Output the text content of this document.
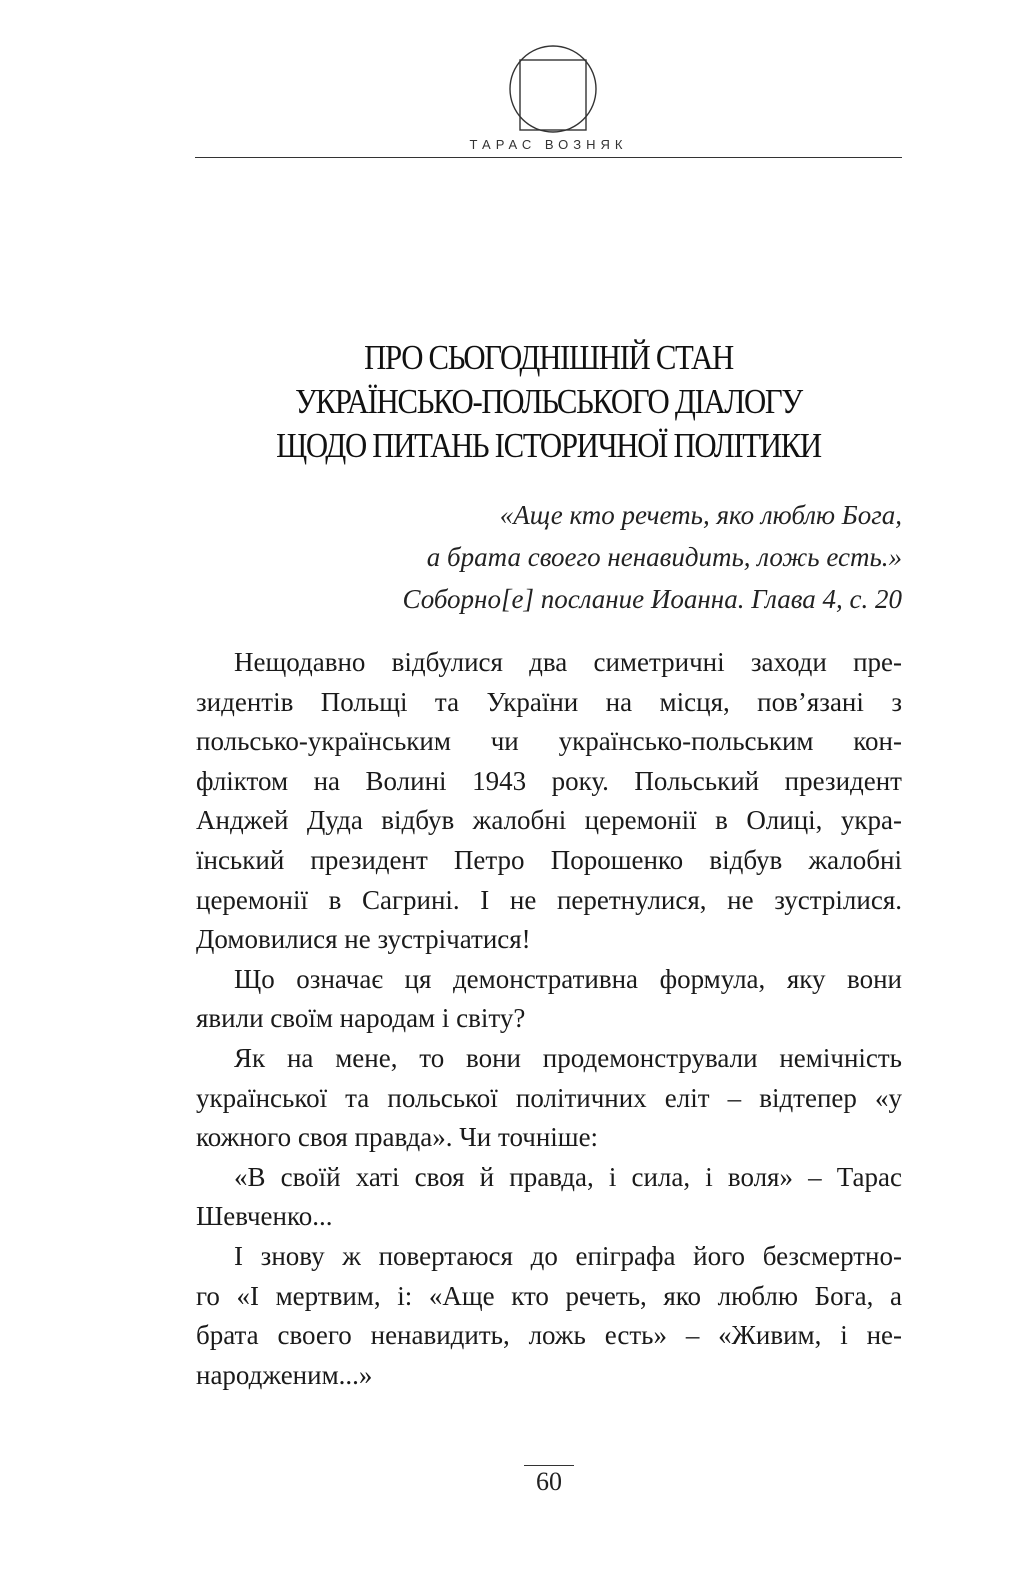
ТАРАС ВОЗНЯК
ПРО СЬОГОДНІШНІЙ СТАН
УКРАЇНСЬКО-ПОЛЬСЬКОГО ДІАЛОГУ
ЩОДО ПИТАНЬ ІСТОРИЧНОЇ ПОЛІТИКИ
«Аще кто речеть, яко люблю Бога,
а брата своего ненавидить, ложь есть.»
Соборно[е] послание Иоанна. Глава 4, с. 20
Нещодавно відбулися два симетричні заходи пре-
зидентів Польщі та України на місця, пов’язані з
польсько-українським чи українсько-польським кон-
фліктом на Волині 1943 року. Польський президент
Анджей Дуда відбув жалобні церемонії в Олиці, укра-
їнський президент Петро Порошенко відбув жалобні
церемонії в Сагрині. І не перетнулися, не зустрілися.
Домовилися не зустрічатися!
Що означає ця демонстративна формула, яку вони
явили своїм народам і світу?
Як на мене, то вони продемонстрували немічність
української та польської політичних еліт – відтепер «у
кожного своя правда». Чи точніше:
«В своїй хаті своя й правда, і сила, і воля» – Тарас
Шевченко...
І знову ж повертаюся до епіграфа його безсмертно-
го «І мертвим, і: «Аще кто речеть, яко люблю Бога, а
брата своего ненавидить, ложь есть» – «Живим, і не-
народженим...»
60
